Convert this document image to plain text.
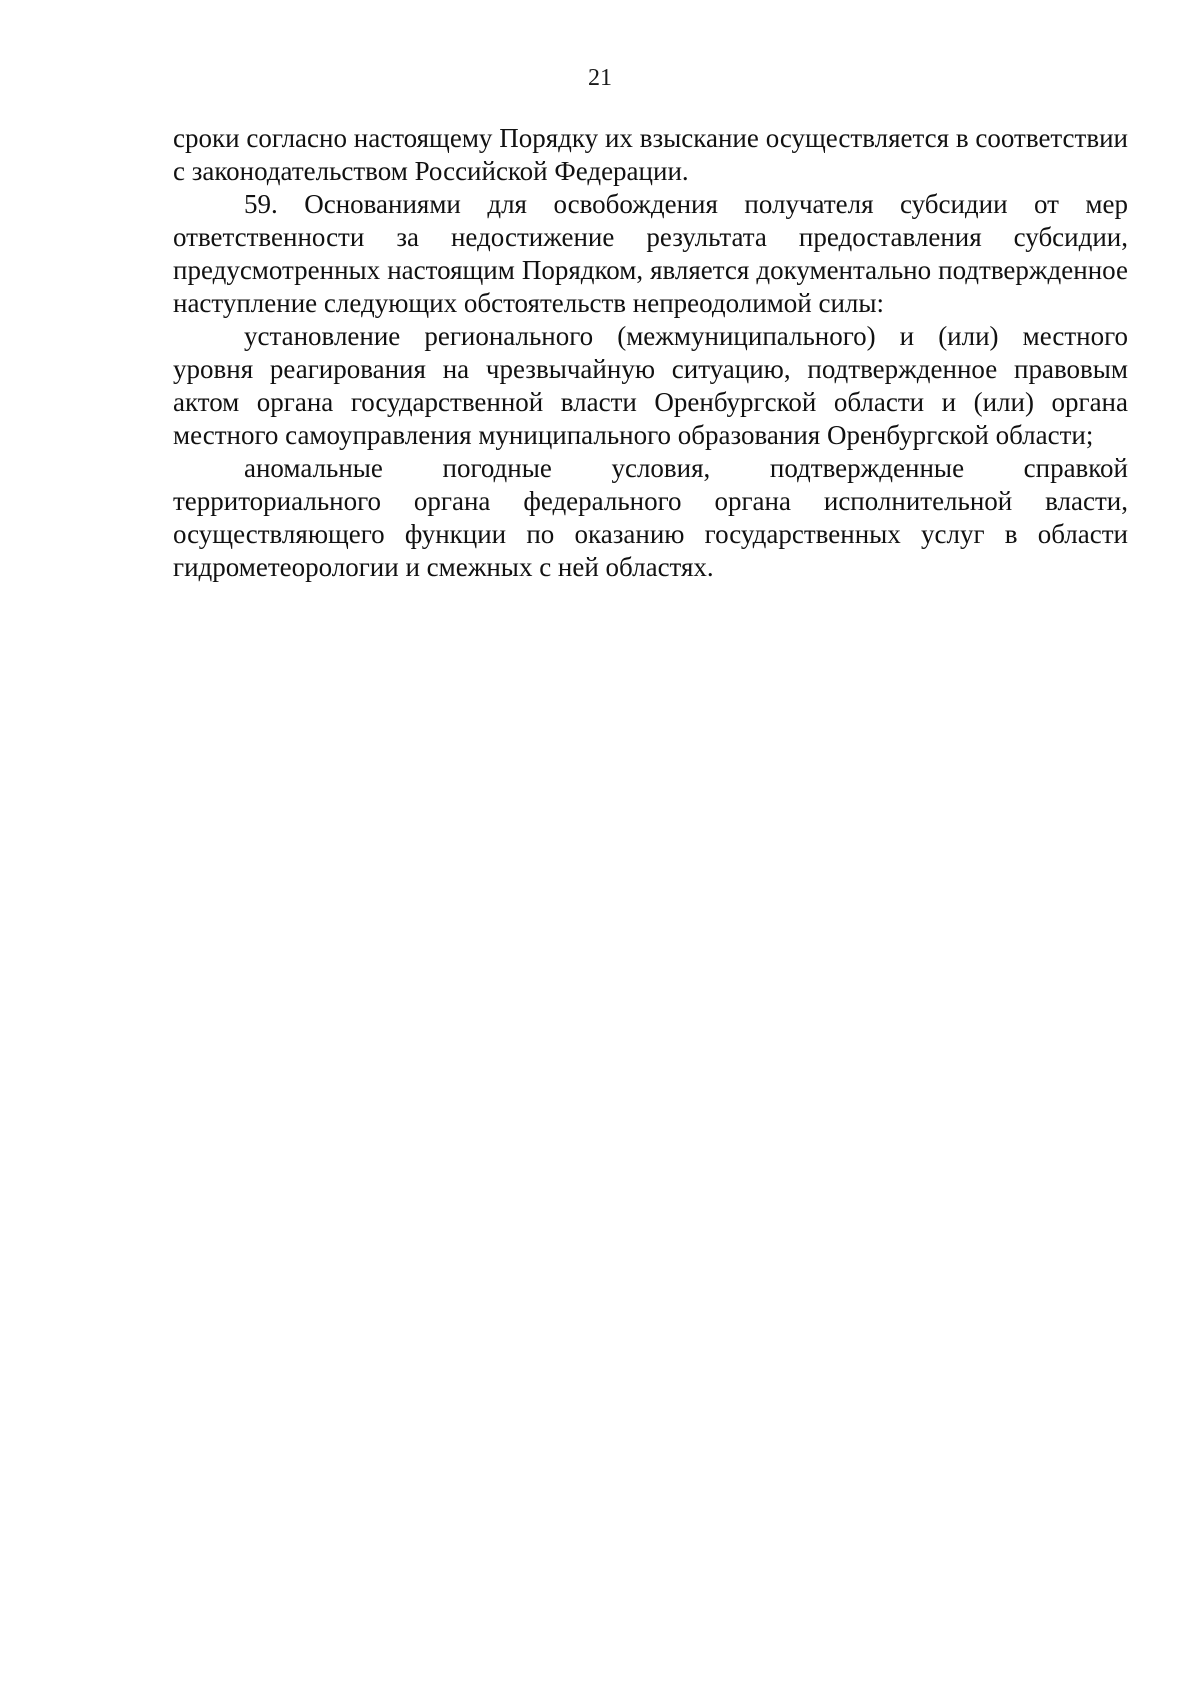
21

сроки согласно настоящему Порядку их взыскание осуществляется в соответствии с законодательством Российской Федерации.

59. Основаниями для освобождения получателя субсидии от мер ответственности за недостижение результата предоставления субсидии, предусмотренных настоящим Порядком, является документально подтвержденное наступление следующих обстоятельств непреодолимой силы:

установление регионального (межмуниципального) и (или) местного уровня реагирования на чрезвычайную ситуацию, подтвержденное правовым актом органа государственной власти Оренбургской области и (или) органа местного самоуправления муниципального образования Оренбургской области;

аномальные погодные условия, подтвержденные справкой территориального органа федерального органа исполнительной власти, осуществляющего функции по оказанию государственных услуг в области гидрометеорологии и смежных с ней областях.
